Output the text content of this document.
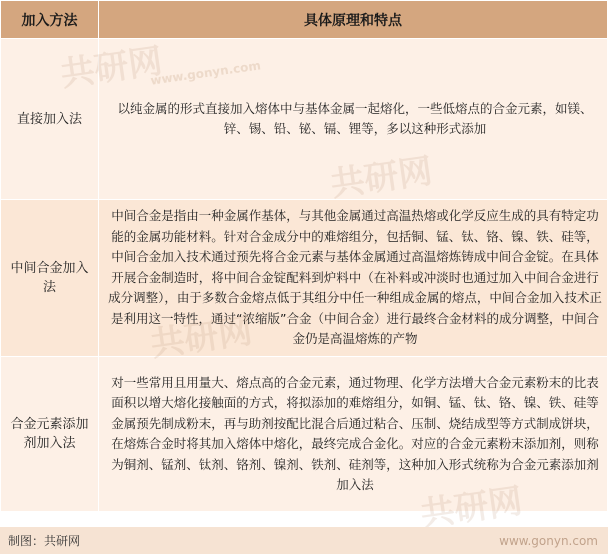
加入方法	具体原理和特点
直接加入法	以纯金属的形式直接加入熔体中与基体金属一起熔化，一些低熔点的合金元素，如镁、锌、锡、铅、铋、镉、锂等，多以这种形式添加
中间合金加入法	中间合金是指由一种金属作基体，与其他金属通过高温热熔或化学反应生成的具有特定功能的金属功能材料。针对合金成分中的难熔组分，包括铜、锰、钛、铬、镍、铁、硅等，中间合金加入技术通过预先将合金元素与基体金属通过高温熔炼铸成中间合金锭。在具体开展合金制造时，将中间合金锭配料到炉料中（在补料或冲淡时也通过加入中间合金进行成分调整），由于多数合金熔点低于其组分中任一种组成金属的熔点，中间合金加入技术正是利用这一特性，通过“浓缩版”合金（中间合金）进行最终合金材料的成分调整，中间合金仍是高温熔炼的产物
合金元素添加剂加入法	对一些常用且用量大、熔点高的合金元素，通过物理、化学方法增大合金元素粉末的比表面积以增大熔化接触面的方式，将拟添加的难熔组分，如铜、锰、钛、铬、镍、铁、硅等金属预先制成粉末，再与助剂按配比混合后通过粘合、压制、烧结成型等方式制成饼块，在熔炼合金时将其加入熔体中熔化，最终完成合金化。对应的合金元素粉末添加剂，则称为铜剂、锰剂、钛剂、铬剂、镍剂、铁剂、硅剂等，这种加入形式统称为合金元素添加剂加入法
www.gonyn.com
制图：共研网	www.gonyn.com
